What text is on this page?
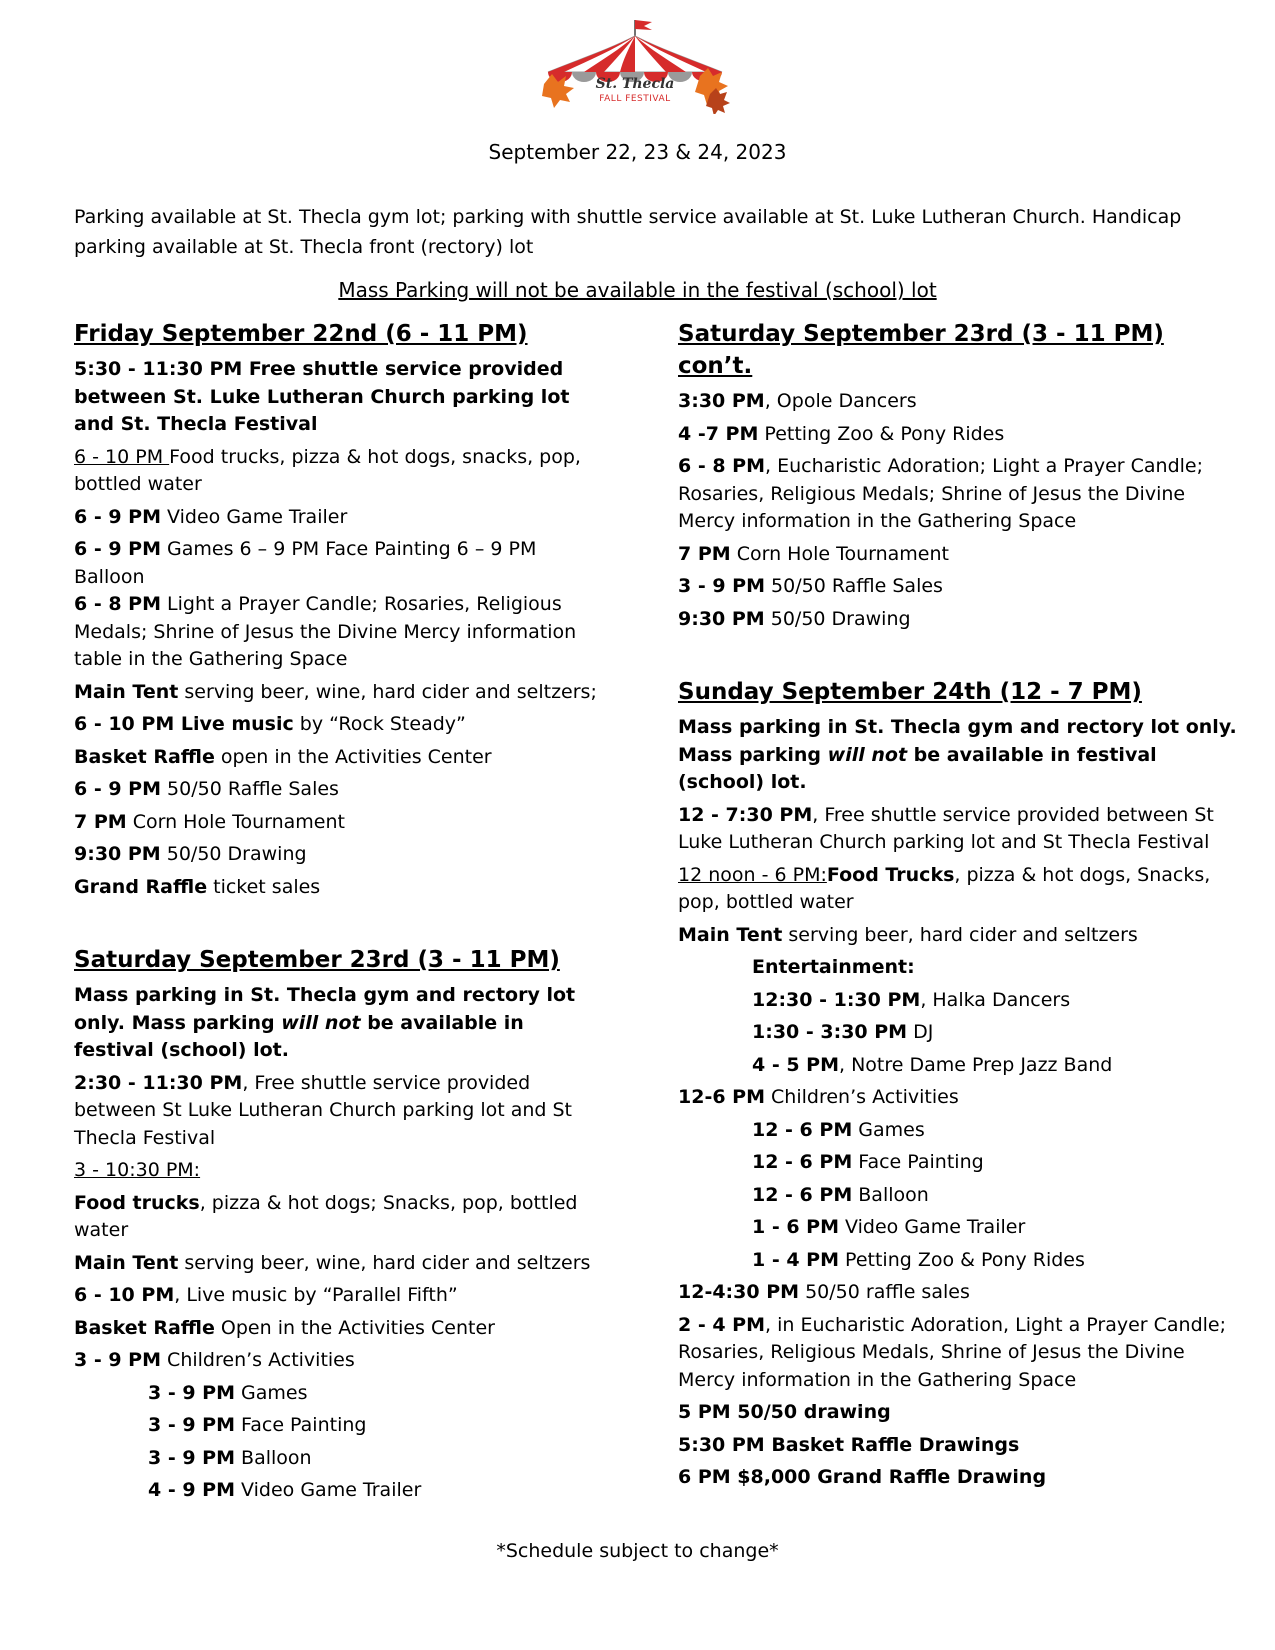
St. Thecla
FALL FESTIVAL
September 22, 23 & 24, 2023
Parking available at St. Thecla gym lot; parking with shuttle service available at St. Luke Lutheran Church. Handicap parking available at St. Thecla front (rectory) lot
Mass Parking will not be available in the festival (school) lot
Friday September 22nd (6 - 11 PM)
5:30 - 11:30 PM Free shuttle service provided between St. Luke Lutheran Church parking lot and St. Thecla Festival
6 - 10 PM Food trucks, pizza & hot dogs, snacks, pop, bottled water
6 - 9 PM Video Game Trailer
6 - 9 PM Games 6 – 9 PM Face Painting 6 – 9 PM Balloon
6 - 8 PM Light a Prayer Candle; Rosaries, Religious Medals; Shrine of Jesus the Divine Mercy information table in the Gathering Space
Main Tent serving beer, wine, hard cider and seltzers;
6 - 10 PM Live music by “Rock Steady”
Basket Raffle open in the Activities Center
6 - 9 PM 50/50 Raffle Sales
7 PM Corn Hole Tournament
9:30 PM 50/50 Drawing
Grand Raffle ticket sales
Saturday September 23rd (3 - 11 PM)
Mass parking in St. Thecla gym and rectory lot only. Mass parking will not be available in festival (school) lot.
2:30 - 11:30 PM, Free shuttle service provided between St Luke Lutheran Church parking lot and St Thecla Festival
3 - 10:30 PM:
Food trucks, pizza & hot dogs; Snacks, pop, bottled water
Main Tent serving beer, wine, hard cider and seltzers
6 - 10 PM, Live music by “Parallel Fifth”
Basket Raffle Open in the Activities Center
3 - 9 PM Children’s Activities
3 - 9 PM Games
3 - 9 PM Face Painting
3 - 9 PM Balloon
4 - 9 PM Video Game Trailer
Saturday September 23rd (3 - 11 PM) con’t.
3:30 PM, Opole Dancers
4 -7 PM Petting Zoo & Pony Rides
6 - 8 PM, Eucharistic Adoration; Light a Prayer Candle; Rosaries, Religious Medals; Shrine of Jesus the Divine Mercy information in the Gathering Space
7 PM Corn Hole Tournament
3 - 9 PM 50/50 Raffle Sales
9:30 PM 50/50 Drawing
Sunday September 24th (12 - 7 PM)
Mass parking in St. Thecla gym and rectory lot only. Mass parking will not be available in festival (school) lot.
12 - 7:30 PM, Free shuttle service provided between St Luke Lutheran Church parking lot and St Thecla Festival
12 noon - 6 PM:Food Trucks, pizza & hot dogs, Snacks, pop, bottled water
Main Tent serving beer, hard cider and seltzers
Entertainment:
12:30 - 1:30 PM, Halka Dancers
1:30 - 3:30 PM DJ
4 - 5 PM, Notre Dame Prep Jazz Band
12-6 PM Children’s Activities
12 - 6 PM Games
12 - 6 PM Face Painting
12 - 6 PM Balloon
1 - 6 PM Video Game Trailer
1 - 4 PM Petting Zoo & Pony Rides
12-4:30 PM 50/50 raffle sales
2 - 4 PM, in Eucharistic Adoration, Light a Prayer Candle; Rosaries, Religious Medals, Shrine of Jesus the Divine Mercy information in the Gathering Space
5 PM 50/50 drawing
5:30 PM Basket Raffle Drawings
6 PM $8,000 Grand Raffle Drawing
*Schedule subject to change*
